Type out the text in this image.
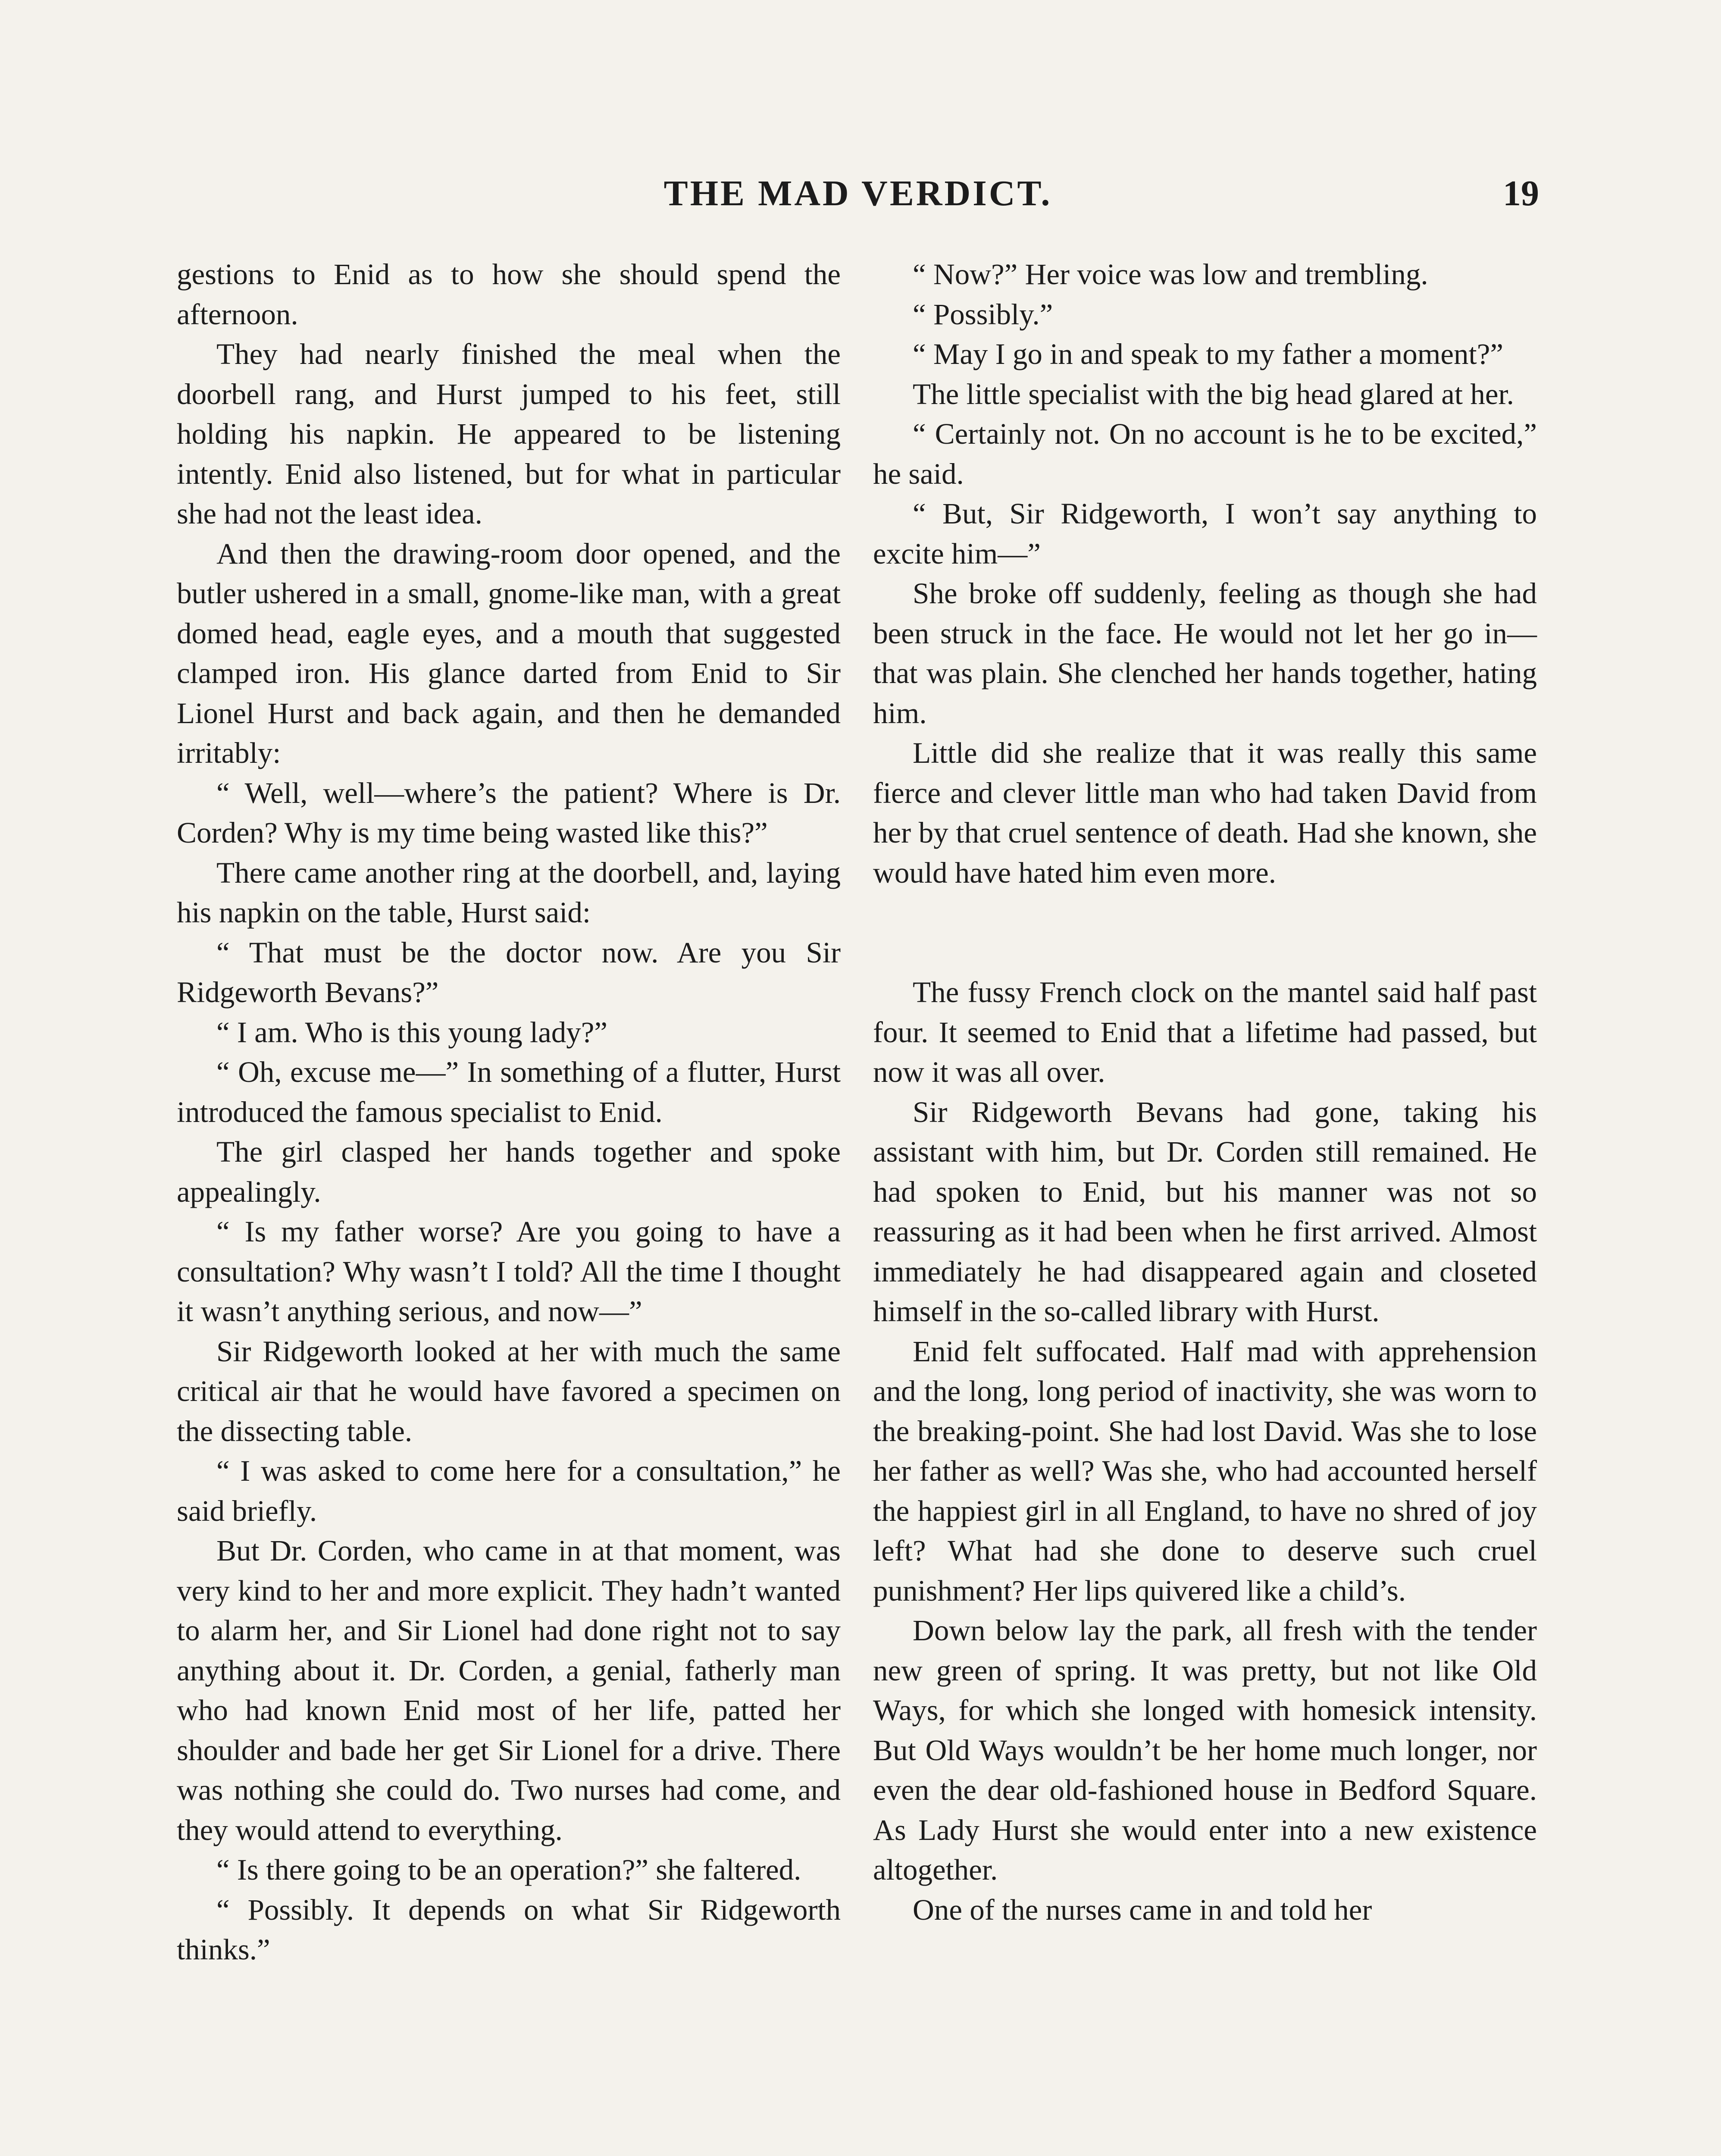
THE MAD VERDICT.	19

gestions to Enid as to how she should spend the afternoon.

They had nearly finished the meal when the doorbell rang, and Hurst jumped to his feet, still holding his napkin. He appeared to be listening intently. Enid also listened, but for what in particular she had not the least idea.

And then the drawing-room door opened, and the butler ushered in a small, gnome-like man, with a great domed head, eagle eyes, and a mouth that suggested clamped iron. His glance darted from Enid to Sir Lionel Hurst and back again, and then he demanded irritably:

“ Well, well—where’s the patient? Where is Dr. Corden? Why is my time being wasted like this?”

There came another ring at the doorbell, and, laying his napkin on the table, Hurst said:

“ That must be the doctor now. Are you Sir Ridgeworth Bevans?”

“ I am. Who is this young lady?”

“ Oh, excuse me—” In something of a flutter, Hurst introduced the famous specialist to Enid.

The girl clasped her hands together and spoke appealingly.

“ Is my father worse? Are you going to have a consultation? Why wasn’t I told? All the time I thought it wasn’t anything serious, and now—”

Sir Ridgeworth looked at her with much the same critical air that he would have favored a specimen on the dissecting table.

“ I was asked to come here for a consultation,” he said briefly.

But Dr. Corden, who came in at that moment, was very kind to her and more explicit. They hadn’t wanted to alarm her, and Sir Lionel had done right not to say anything about it. Dr. Corden, a genial, fatherly man who had known Enid most of her life, patted her shoulder and bade her get Sir Lionel for a drive. There was nothing she could do. Two nurses had come, and they would attend to everything.

“ Is there going to be an operation?” she faltered.

“ Possibly. It depends on what Sir Ridgeworth thinks.”

“ Now?” Her voice was low and trembling.

“ Possibly.”

“ May I go in and speak to my father a moment?”

The little specialist with the big head glared at her.

“ Certainly not. On no account is he to be excited,” he said.

“ But, Sir Ridgeworth, I won’t say anything to excite him—”

She broke off suddenly, feeling as though she had been struck in the face. He would not let her go in—that was plain. She clenched her hands together, hating him.

Little did she realize that it was really this same fierce and clever little man who had taken David from her by that cruel sentence of death. Had she known, she would have hated him even more.

The fussy French clock on the mantel said half past four. It seemed to Enid that a lifetime had passed, but now it was all over.

Sir Ridgeworth Bevans had gone, taking his assistant with him, but Dr. Corden still remained. He had spoken to Enid, but his manner was not so reassuring as it had been when he first arrived. Almost immediately he had disappeared again and closeted himself in the so-called library with Hurst.

Enid felt suffocated. Half mad with apprehension and the long, long period of inactivity, she was worn to the breaking-point. She had lost David. Was she to lose her father as well? Was she, who had accounted herself the happiest girl in all England, to have no shred of joy left? What had she done to deserve such cruel punishment? Her lips quivered like a child’s.

Down below lay the park, all fresh with the tender new green of spring. It was pretty, but not like Old Ways, for which she longed with homesick intensity. But Old Ways wouldn’t be her home much longer, nor even the dear old-fashioned house in Bedford Square. As Lady Hurst she would enter into a new existence altogether.

One of the nurses came in and told her
